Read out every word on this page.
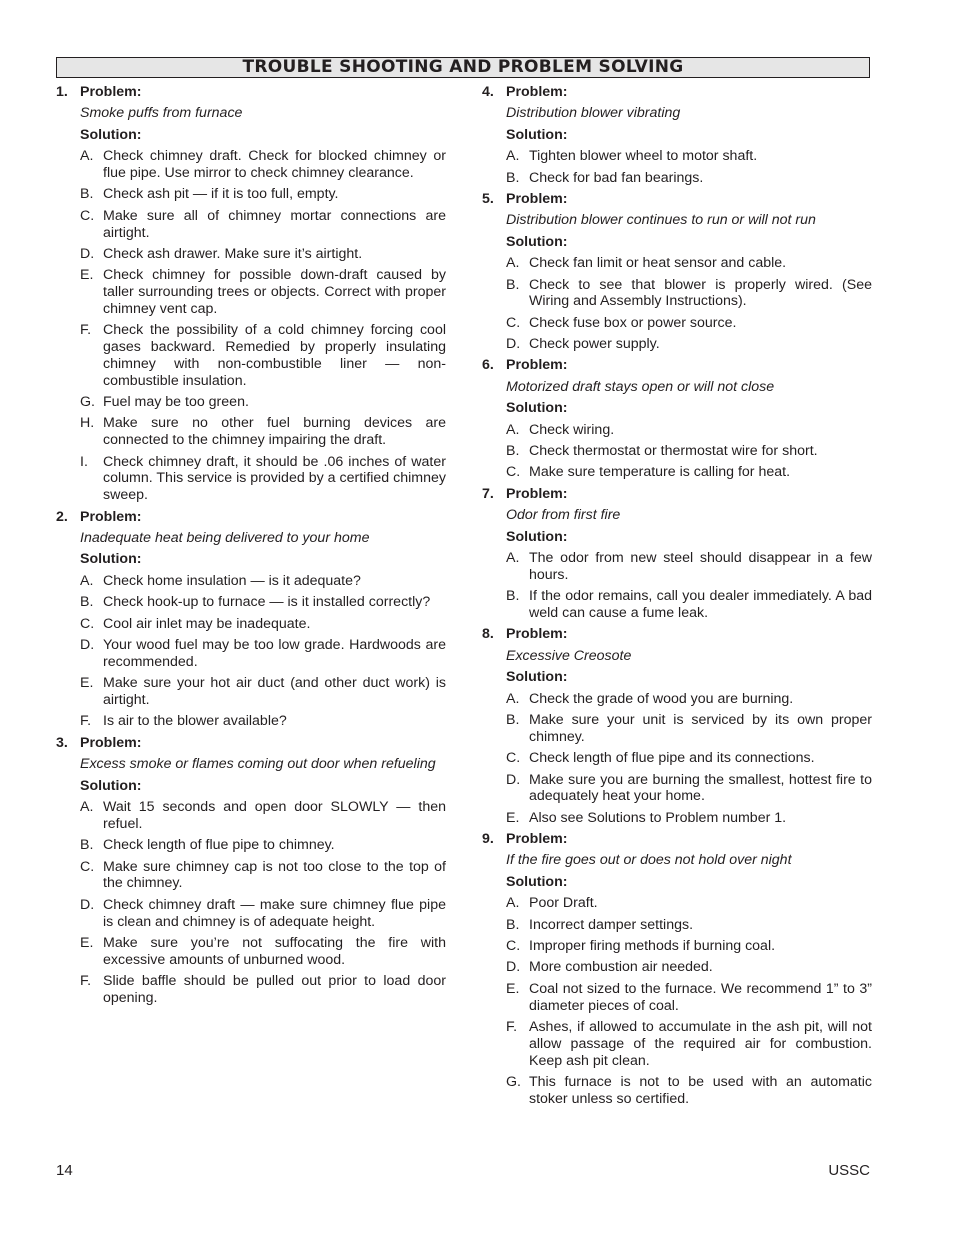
TROUBLE SHOOTING AND PROBLEM SOLVING
1. Problem:
Smoke puffs from furnace
Solution:
A. Check chimney draft. Check for blocked chimney or flue pipe. Use mirror to check chimney clearance.
B. Check ash pit — if it is too full, empty.
C. Make sure all of chimney mortar connections are airtight.
D. Check ash drawer. Make sure it’s airtight.
E. Check chimney for possible down-draft caused by taller surrounding trees or objects. Correct with proper chimney vent cap.
F. Check the possibility of a cold chimney forcing cool gases backward. Remedied by properly insulating chimney with non-combustible liner — non-combustible insulation.
G. Fuel may be too green.
H. Make sure no other fuel burning devices are connected to the chimney impairing the draft.
I.	Check chimney draft, it should be .06 inches of water column. This service is provided by a certified chimney sweep.
2. Problem:
Inadequate heat being delivered to your home
Solution:
A. Check home insulation — is it adequate?
B. Check hook-up to furnace — is it installed correctly?
C. Cool air inlet may be inadequate.
D. Your wood fuel may be too low grade. Hardwoods are recommended.
E. Make sure your hot air duct (and other duct work) is airtight.
F. Is air to the blower available?
3. Problem:
Excess smoke or flames coming out door when refueling
Solution:
A. Wait 15 seconds and open door SLOWLY — then refuel.
B. Check length of flue pipe to chimney.
C. Make sure chimney cap is not too close to the top of the chimney.
D. Check chimney draft — make sure chimney flue pipe is clean and chimney is of adequate height.
E. Make sure you’re not suffocating the fire with excessive amounts of unburned wood.
F. Slide baffle should be pulled out prior to load door opening.
4. Problem:
Distribution blower vibrating
Solution:
A. Tighten blower wheel to motor shaft.
B. Check for bad fan bearings.
5. Problem:
Distribution blower continues to run or will not run
Solution:
A. Check fan limit or heat sensor and cable.
B. Check to see that blower is properly wired. (See Wiring and Assembly Instructions).
C. Check fuse box or power source.
D. Check power supply.
6. Problem:
Motorized draft stays open or will not close
Solution:
A. Check wiring.
B. Check thermostat or thermostat wire for short.
C. Make sure temperature is calling for heat.
7. Problem:
Odor from first fire
Solution:
A. The odor from new steel should disappear in a few hours.
B. If the odor remains, call you dealer immediately. A bad weld can cause a fume leak.
8. Problem:
Excessive Creosote
Solution:
A. Check the grade of wood you are burning.
B. Make sure your unit is serviced by its own proper chimney.
C. Check length of flue pipe and its connections.
D. Make sure you are burning the smallest, hottest fire to adequately heat your home.
E. Also see Solutions to Problem number 1.
9. Problem:
If the fire goes out or does not hold over night
Solution:
A. Poor Draft.
B. Incorrect damper settings.
C. Improper firing methods if burning coal.
D. More combustion air needed.
E. Coal not sized to the furnace. We recommend 1” to 3” diameter pieces of coal.
F. Ashes, if allowed to accumulate in the ash pit, will not allow passage of the required air for combustion. Keep ash pit clean.
G. This furnace is not to be used with an automatic stoker unless so certified.
14	USSC
